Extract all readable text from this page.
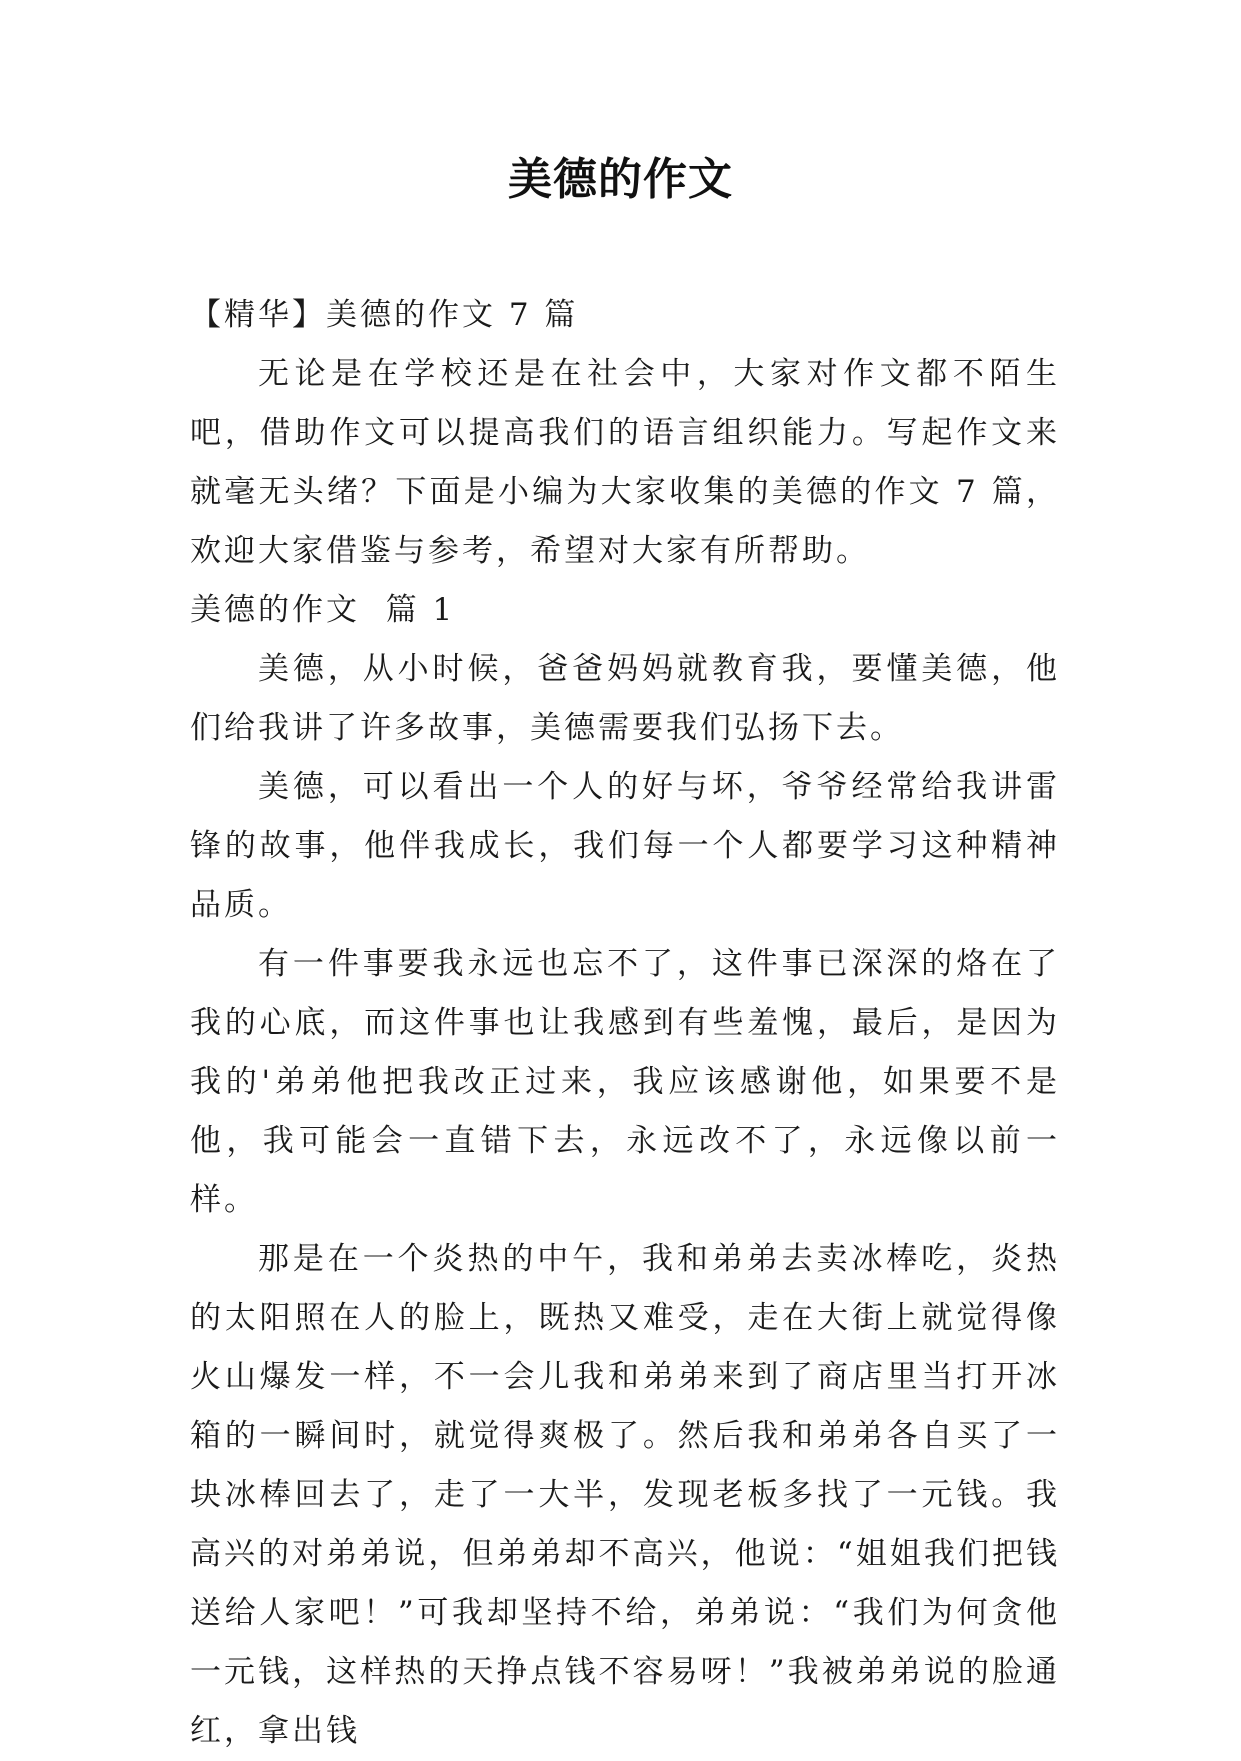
美德的作文

【精华】美德的作文 7 篇

无论是在学校还是在社会中，大家对作文都不陌生吧，借助作文可以提高我们的语言组织能力。写起作文来就毫无头绪？下面是小编为大家收集的美德的作文 7 篇，欢迎大家借鉴与参考，希望对大家有所帮助。

美德的作文  篇 1

美德，从小时候，爸爸妈妈就教育我，要懂美德，他们给我讲了许多故事，美德需要我们弘扬下去。

美德，可以看出一个人的好与坏，爷爷经常给我讲雷锋的故事，他伴我成长，我们每一个人都要学习这种精神品质。

有一件事要我永远也忘不了，这件事已深深的烙在了我的心底，而这件事也让我感到有些羞愧，最后，是因为我的'弟弟他把我改正过来，我应该感谢他，如果要不是他，我可能会一直错下去，永远改不了，永远像以前一样。

那是在一个炎热的中午，我和弟弟去卖冰棒吃，炎热的太阳照在人的脸上，既热又难受，走在大街上就觉得像火山爆发一样，不一会儿我和弟弟来到了商店里当打开冰箱的一瞬间时，就觉得爽极了。然后我和弟弟各自买了一块冰棒回去了，走了一大半，发现老板多找了一元钱。我高兴的对弟弟说，但弟弟却不高兴，他说：“姐姐我们把钱送给人家吧！”可我却坚持不给，弟弟说：“我们为何贪他一元钱，这样热的天挣点钱不容易呀！”我被弟弟说的脸通红，拿出钱
